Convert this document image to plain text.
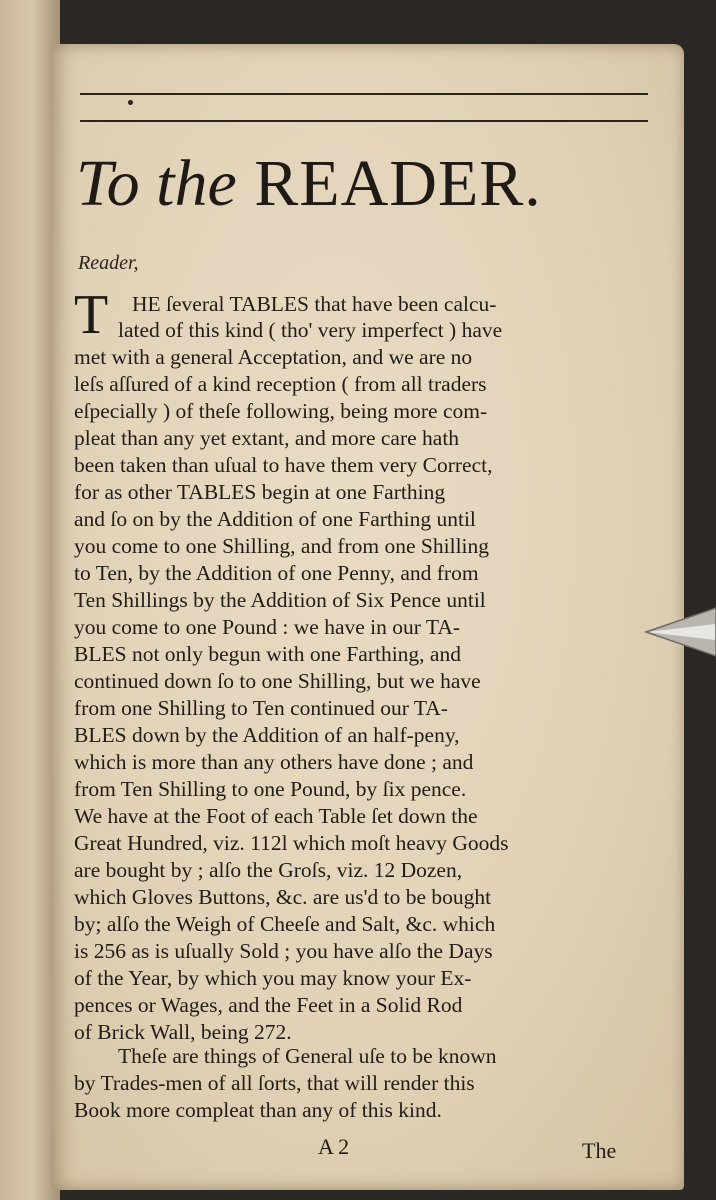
To the READER.
Reader,
T HE ſeveral TABLES that have been calcu-
lated of this kind ( tho' very imperfect ) have
met with a general Acceptation, and we are no
leſs aſſured of a kind reception ( from all traders
eſpecially ) of theſe following, being more com-
pleat than any yet extant, and more care hath
been taken than uſual to have them very Correct,
for as other TABLES begin at one Farthing
and ſo on by the Addition of one Farthing until
you come to one Shilling, and from one Shilling
to Ten, by the Addition of one Penny, and from
Ten Shillings by the Addition of Six Pence until
you come to one Pound : we have in our TA-
BLES not only begun with one Farthing, and
continued down ſo to one Shilling, but we have
from one Shilling to Ten continued our TA-
BLES down by the Addition of an half-peny,
which is more than any others have done ; and
from Ten Shilling to one Pound, by ſix pence.
We have at the Foot of each Table ſet down the
Great Hundred, viz. 112l which moſt heavy Goods
are bought by ; alſo the Groſs, viz. 12 Dozen,
which Gloves Buttons, &c. are us'd to be bought
by; alſo the Weigh of Cheeſe and Salt, &c. which
is 256 as is uſually Sold ; you have alſo the Days
of the Year, by which you may know your Ex-
pences or Wages, and the Feet in a Solid Rod
of Brick Wall, being 272.
Theſe are things of General uſe to be known
by Trades-men of all ſorts, that will render this
Book more compleat than any of this kind.
A 2	The
